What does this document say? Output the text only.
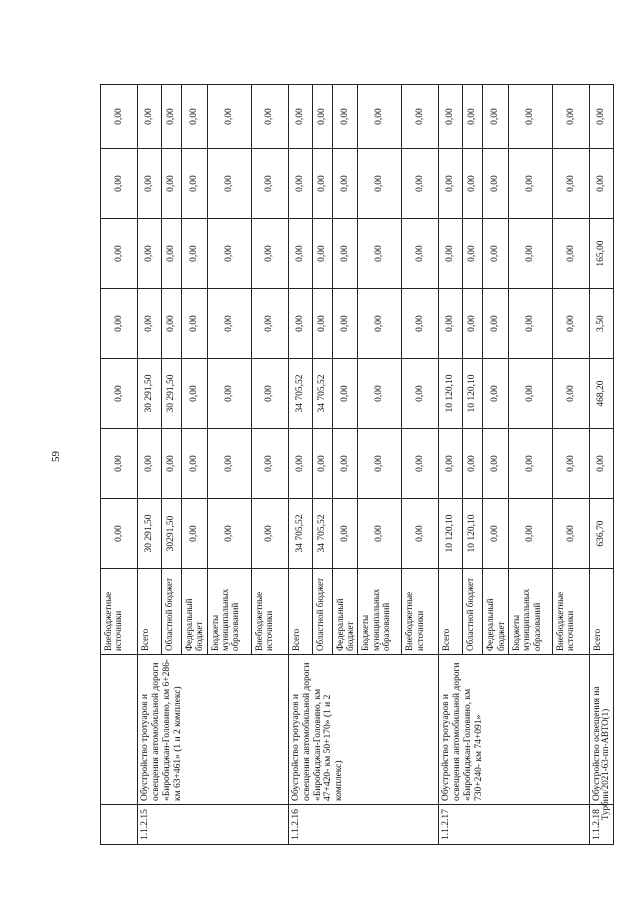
59
Турбин/2021-63-пп-АВТО(1)
		Внебюджетные источники	0,00	0,00	0,00	0,00	0,00	0,00	0,00
1.1.2.15	Обустройство тротуаров и освещения автомобильной дороги «Биробиджан-Головино, км 6+286- км 63+461» (1 и 2 комплекс)	Всего	30 291,50	0,00	30 291,50	0,00	0,00	0,00	0,00
		Областной бюджет	30291,50	0,00	30 291,50	0,00	0,00	0,00	0,00
		Федеральный бюджет	0,00	0,00	0,00	0,00	0,00	0,00	0,00
		Бюджеты муниципальных образований	0,00	0,00	0,00	0,00	0,00	0,00	0,00
		Внебюджетные источники	0,00	0,00	0,00	0,00	0,00	0,00	0,00
1.1.2.16	Обустройство тротуаров и освещения автомобильной дороги «Биробиджан-Головино, км 47+420- км 50+170» (1 и 2 комплекс)	Всего	34 705,52	0,00	34 705,52	0,00	0,00	0,00	0,00
		Областной бюджет	34 705,52	0,00	34 705,52	0,00	0,00	0,00	0,00
		Федеральный бюджет	0,00	0,00	0,00	0,00	0,00	0,00	0,00
		Бюджеты муниципальных образований	0,00	0,00	0,00	0,00	0,00	0,00	0,00
		Внебюджетные источники	0,00	0,00	0,00	0,00	0,00	0,00	0,00
1.1.2.17	Обустройство тротуаров и освещения автомобильной дороги «Биробиджан-Головино, км 730+240- км 74+091»	Всего	10 120,10	0,00	10 120,10	0,00	0,00	0,00	0,00
		Областной бюджет	10 120,10	0,00	10 120,10	0,00	0,00	0,00	0,00
		Федеральный бюджет	0,00	0,00	0,00	0,00	0,00	0,00	0,00
		Бюджеты муниципальных образований	0,00	0,00	0,00	0,00	0,00	0,00	0,00
		Внебюджетные источники	0,00	0,00	0,00	0,00	0,00	0,00	0,00
1.1.2.18	Обустройство освещения на	Всего	636,70	0,00	468,20	3,50	165,00	0,00	0,00
